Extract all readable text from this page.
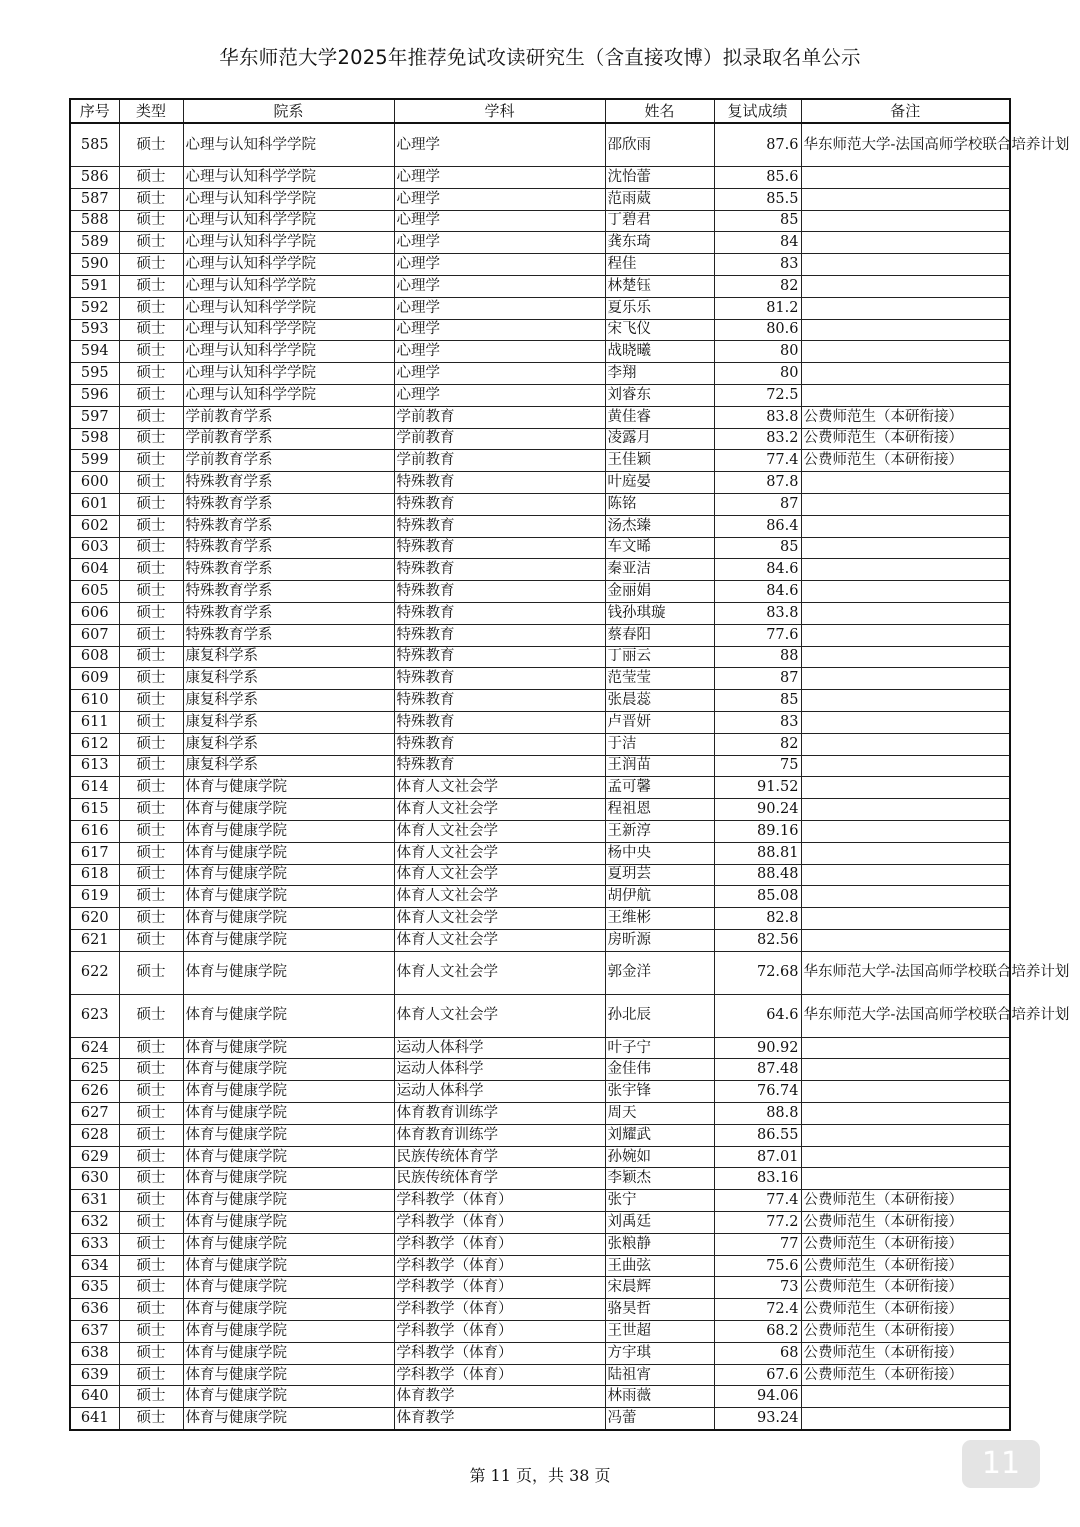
华东师范大学2025年推荐免试攻读研究生（含直接攻博）拟录取名单公示
序号	类型	院系	学科	姓名	复试成绩	备注
585	硕士	心理与认知科学学院	心理学	邵欣雨	87.6	华东师范大学-法国高师学校联合培养计划
586	硕士	心理与认知科学学院	心理学	沈怡蕾	85.6	
587	硕士	心理与认知科学学院	心理学	范雨葳	85.5	
588	硕士	心理与认知科学学院	心理学	丁碧君	85	
589	硕士	心理与认知科学学院	心理学	龚东琦	84	
590	硕士	心理与认知科学学院	心理学	程佳	83	
591	硕士	心理与认知科学学院	心理学	林楚钰	82	
592	硕士	心理与认知科学学院	心理学	夏乐乐	81.2	
593	硕士	心理与认知科学学院	心理学	宋飞仪	80.6	
594	硕士	心理与认知科学学院	心理学	战晓曦	80	
595	硕士	心理与认知科学学院	心理学	李翔	80	
596	硕士	心理与认知科学学院	心理学	刘睿东	72.5	
597	硕士	学前教育学系	学前教育	黄佳睿	83.8	公费师范生（本研衔接）
598	硕士	学前教育学系	学前教育	凌露月	83.2	公费师范生（本研衔接）
599	硕士	学前教育学系	学前教育	王佳颖	77.4	公费师范生（本研衔接）
600	硕士	特殊教育学系	特殊教育	叶庭晏	87.8	
601	硕士	特殊教育学系	特殊教育	陈铭	87	
602	硕士	特殊教育学系	特殊教育	汤杰臻	86.4	
603	硕士	特殊教育学系	特殊教育	车文晞	85	
604	硕士	特殊教育学系	特殊教育	秦亚洁	84.6	
605	硕士	特殊教育学系	特殊教育	金丽娟	84.6	
606	硕士	特殊教育学系	特殊教育	钱孙琪璇	83.8	
607	硕士	特殊教育学系	特殊教育	蔡春阳	77.6	
608	硕士	康复科学系	特殊教育	丁丽云	88	
609	硕士	康复科学系	特殊教育	范莹莹	87	
610	硕士	康复科学系	特殊教育	张晨蕊	85	
611	硕士	康复科学系	特殊教育	卢晋妍	83	
612	硕士	康复科学系	特殊教育	于洁	82	
613	硕士	康复科学系	特殊教育	王润苗	75	
614	硕士	体育与健康学院	体育人文社会学	孟可馨	91.52	
615	硕士	体育与健康学院	体育人文社会学	程祖恩	90.24	
616	硕士	体育与健康学院	体育人文社会学	王新淳	89.16	
617	硕士	体育与健康学院	体育人文社会学	杨中央	88.81	
618	硕士	体育与健康学院	体育人文社会学	夏玥芸	88.48	
619	硕士	体育与健康学院	体育人文社会学	胡伊航	85.08	
620	硕士	体育与健康学院	体育人文社会学	王维彬	82.8	
621	硕士	体育与健康学院	体育人文社会学	房昕源	82.56	
622	硕士	体育与健康学院	体育人文社会学	郭金洋	72.68	华东师范大学-法国高师学校联合培养计划
623	硕士	体育与健康学院	体育人文社会学	孙北辰	64.6	华东师范大学-法国高师学校联合培养计划
624	硕士	体育与健康学院	运动人体科学	叶子宁	90.92	
625	硕士	体育与健康学院	运动人体科学	金佳伟	87.48	
626	硕士	体育与健康学院	运动人体科学	张宇锋	76.74	
627	硕士	体育与健康学院	体育教育训练学	周天	88.8	
628	硕士	体育与健康学院	体育教育训练学	刘耀武	86.55	
629	硕士	体育与健康学院	民族传统体育学	孙婉如	87.01	
630	硕士	体育与健康学院	民族传统体育学	李颖杰	83.16	
631	硕士	体育与健康学院	学科教学（体育）	张宁	77.4	公费师范生（本研衔接）
632	硕士	体育与健康学院	学科教学（体育）	刘禹廷	77.2	公费师范生（本研衔接）
633	硕士	体育与健康学院	学科教学（体育）	张粮静	77	公费师范生（本研衔接）
634	硕士	体育与健康学院	学科教学（体育）	王曲弦	75.6	公费师范生（本研衔接）
635	硕士	体育与健康学院	学科教学（体育）	宋晨辉	73	公费师范生（本研衔接）
636	硕士	体育与健康学院	学科教学（体育）	骆昊哲	72.4	公费师范生（本研衔接）
637	硕士	体育与健康学院	学科教学（体育）	王世超	68.2	公费师范生（本研衔接）
638	硕士	体育与健康学院	学科教学（体育）	方宇琪	68	公费师范生（本研衔接）
639	硕士	体育与健康学院	学科教学（体育）	陆祖宵	67.6	公费师范生（本研衔接）
640	硕士	体育与健康学院	体育教学	林雨薇	94.06	
641	硕士	体育与健康学院	体育教学	冯蕾	93.24	
第 11 页，共 38 页	11
